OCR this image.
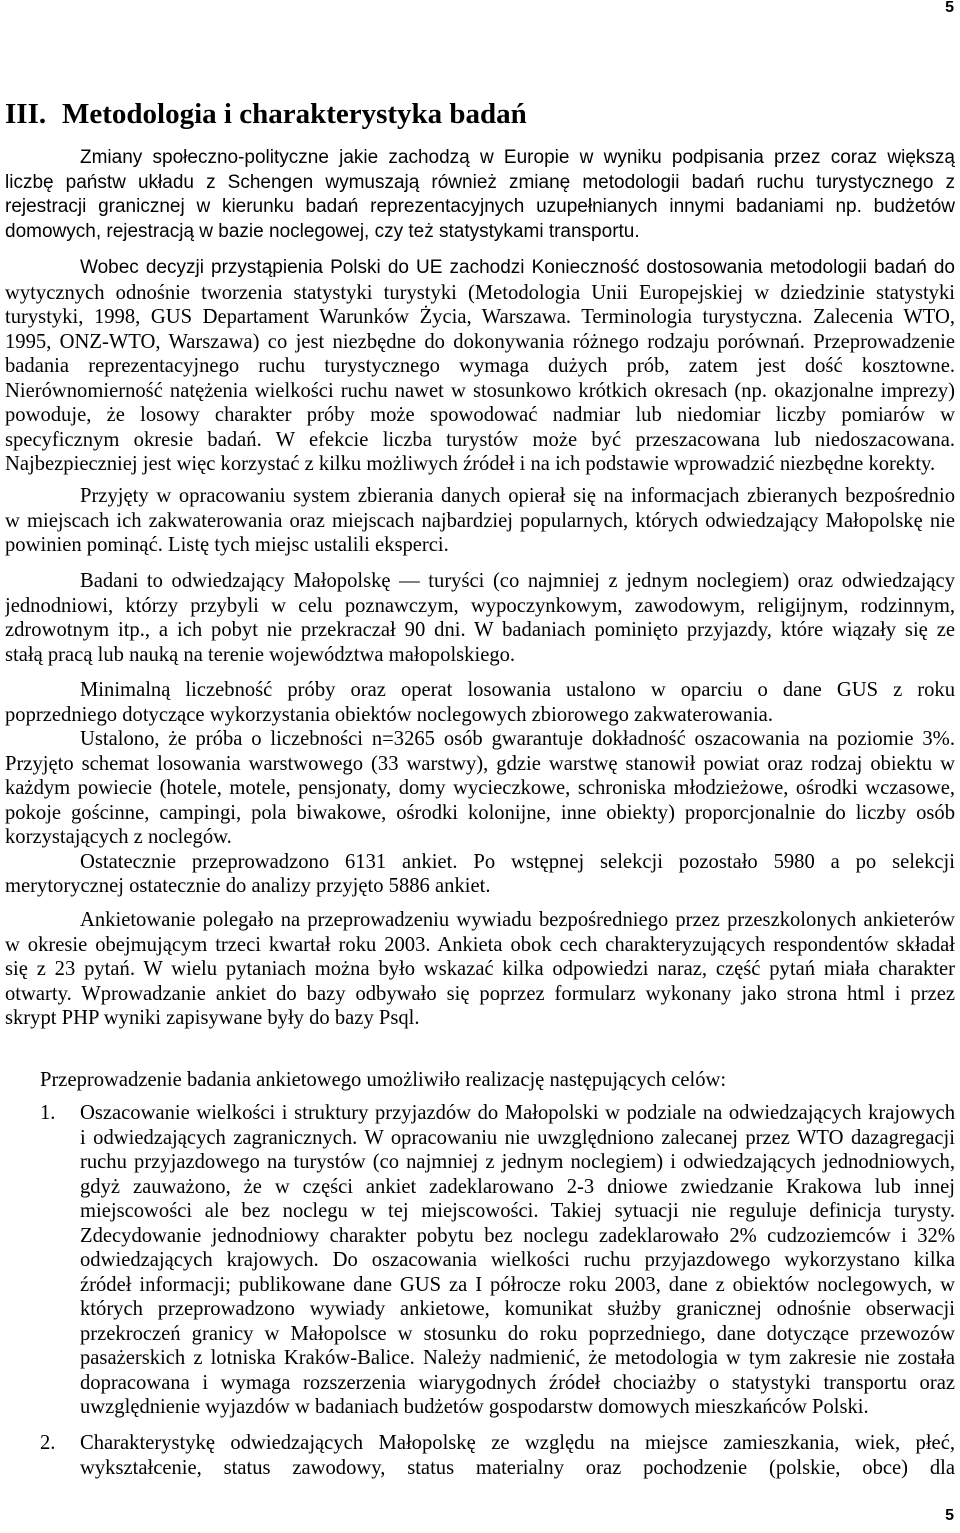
5
III. Metodologia i charakterystyka badań
Zmiany społeczno-polityczne jakie zachodzą w Europie w wyniku podpisania przez coraz większą
liczbę państw układu z Schengen wymuszają również zmianę metodologii badań ruchu turystycznego z
rejestracji granicznej w kierunku badań reprezentacyjnych uzupełnianych innymi badaniami np. budżetów
domowych, rejestracją w bazie noclegowej, czy też statystykami transportu.
Wobec decyzji przystąpienia Polski do UE zachodzi Konieczność dostosowania metodologii badań do
wytycznych odnośnie tworzenia statystyki turystyki (Metodologia Unii Europejskiej w dziedzinie statystyki
turystyki, 1998, GUS Departament Warunków Życia, Warszawa. Terminologia turystyczna. Zalecenia WTO,
1995, ONZ-WTO, Warszawa) co jest niezbędne do dokonywania różnego rodzaju porównań. Przeprowadzenie
badania reprezentacyjnego ruchu turystycznego wymaga dużych prób, zatem jest dość kosztowne.
Nierównomierność natężenia wielkości ruchu nawet w stosunkowo krótkich okresach (np. okazjonalne imprezy)
powoduje, że losowy charakter próby może spowodować nadmiar lub niedomiar liczby pomiarów w
specyficznym okresie badań. W efekcie liczba turystów może być przeszacowana lub niedoszacowana.
Najbezpieczniej jest więc korzystać z kilku możliwych źródeł i na ich podstawie wprowadzić niezbędne korekty.
Przyjęty w opracowaniu system zbierania danych opierał się na informacjach zbieranych bezpośrednio
w miejscach ich zakwaterowania oraz miejscach najbardziej popularnych, których odwiedzający Małopolskę nie
powinien pominąć. Listę tych miejsc ustalili eksperci.
Badani to odwiedzający Małopolskę — turyści (co najmniej z jednym noclegiem) oraz odwiedzający
jednodniowi, którzy przybyli w celu poznawczym, wypoczynkowym, zawodowym, religijnym, rodzinnym,
zdrowotnym itp., a ich pobyt nie przekraczał 90 dni. W badaniach pominięto przyjazdy, które wiązały się ze
stałą pracą lub nauką na terenie województwa małopolskiego.
Minimalną liczebność próby oraz operat losowania ustalono w oparciu o dane GUS z roku
poprzedniego dotyczące wykorzystania obiektów noclegowych zbiorowego zakwaterowania.
Ustalono, że próba o liczebności n=3265 osób gwarantuje dokładność oszacowania na poziomie 3%.
Przyjęto schemat losowania warstwowego (33 warstwy), gdzie warstwę stanowił powiat oraz rodzaj obiektu w
każdym powiecie (hotele, motele, pensjonaty, domy wycieczkowe, schroniska młodzieżowe, ośrodki wczasowe,
pokoje gościnne, campingi, pola biwakowe, ośrodki kolonijne, inne obiekty) proporcjonalnie do liczby osób
korzystających z noclegów.
Ostatecznie przeprowadzono 6131 ankiet. Po wstępnej selekcji pozostało 5980 a po selekcji
merytorycznej ostatecznie do analizy przyjęto 5886 ankiet.
Ankietowanie polegało na przeprowadzeniu wywiadu bezpośredniego przez przeszkolonych ankieterów
w okresie obejmującym trzeci kwartał roku 2003. Ankieta obok cech charakteryzujących respondentów składał
się z 23 pytań. W wielu pytaniach można było wskazać kilka odpowiedzi naraz, część pytań miała charakter
otwarty. Wprowadzanie ankiet do bazy odbywało się poprzez formularz wykonany jako strona html i przez
skrypt PHP wyniki zapisywane były do bazy Psql.
Przeprowadzenie badania ankietowego umożliwiło realizację następujących celów:
1. Oszacowanie wielkości i struktury przyjazdów do Małopolski w podziale na odwiedzających krajowych
i odwiedzających zagranicznych. W opracowaniu nie uwzględniono zalecanej przez WTO dazagregacji
ruchu przyjazdowego na turystów (co najmniej z jednym noclegiem) i odwiedzających jednodniowych,
gdyż zauważono, że w części ankiet zadeklarowano 2-3 dniowe zwiedzanie Krakowa lub innej
miejscowości ale bez noclegu w tej miejscowości. Takiej sytuacji nie reguluje definicja turysty.
Zdecydowanie jednodniowy charakter pobytu bez noclegu zadeklarowało 2% cudzoziemców i 32%
odwiedzających krajowych. Do oszacowania wielkości ruchu przyjazdowego wykorzystano kilka
źródeł informacji; publikowane dane GUS za I półrocze roku 2003, dane z obiektów noclegowych, w
których przeprowadzono wywiady ankietowe, komunikat służby granicznej odnośnie obserwacji
przekroczeń granicy w Małopolsce w stosunku do roku poprzedniego, dane dotyczące przewozów
pasażerskich z lotniska Kraków-Balice. Należy nadmienić, że metodologia w tym zakresie nie została
dopracowana i wymaga rozszerzenia wiarygodnych źródeł chociażby o statystyki transportu oraz
uwzględnienie wyjazdów w badaniach budżetów gospodarstw domowych mieszkańców Polski.
2. Charakterystykę odwiedzających Małopolskę ze względu na miejsce zamieszkania, wiek, płeć,
wykształcenie, status zawodowy, status materialny oraz pochodzenie (polskie, obce) dla
5
